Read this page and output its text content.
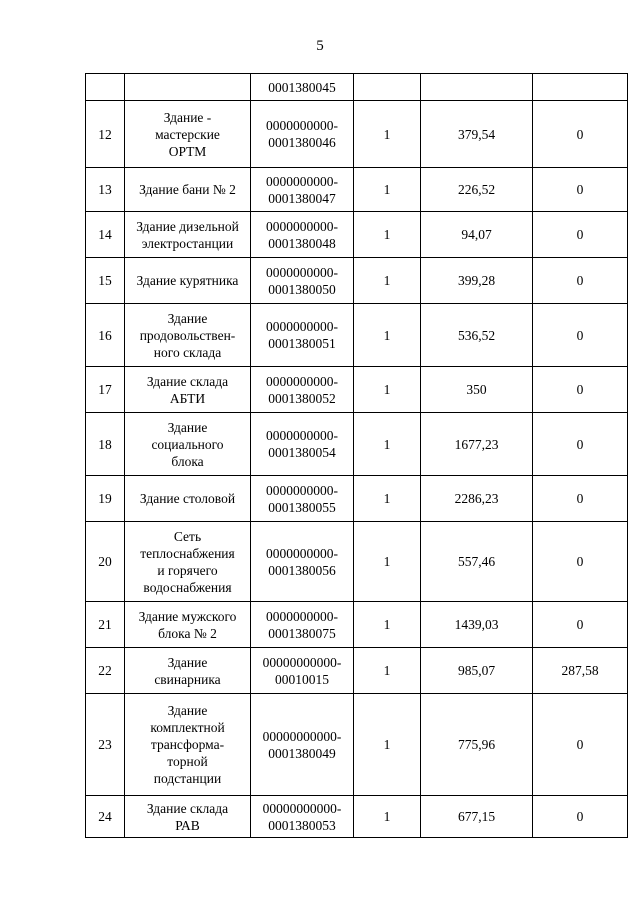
5

		0001380045			

12	Здание -
мастерские
ОРТМ	0000000000-
0001380046	1	379,54	0
13	Здание бани № 2	0000000000-
0001380047	1	226,52	0
14	Здание дизельной
электростанции	0000000000-
0001380048	1	94,07	0
15	Здание курятника	0000000000-
0001380050	1	399,28	0
16	Здание
продовольствен-
ного склада	0000000000-
0001380051	1	536,52	0
17	Здание склада
АБТИ	0000000000-
0001380052	1	350	0
18	Здание
социального
блока	0000000000-
0001380054	1	1677,23	0
19	Здание столовой	0000000000-
0001380055	1	2286,23	0
20	Сеть
теплоснабжения
и горячего
водоснабжения	0000000000-
0001380056	1	557,46	0
21	Здание мужского
блока № 2	0000000000-
0001380075	1	1439,03	0
22	Здание
свинарника	00000000000-
00010015	1	985,07	287,58
23	Здание
комплектной
трансформа-
торной
подстанции	00000000000-
0001380049	1	775,96	0
24	Здание склада
РАВ	00000000000-
0001380053	1	677,15	0
